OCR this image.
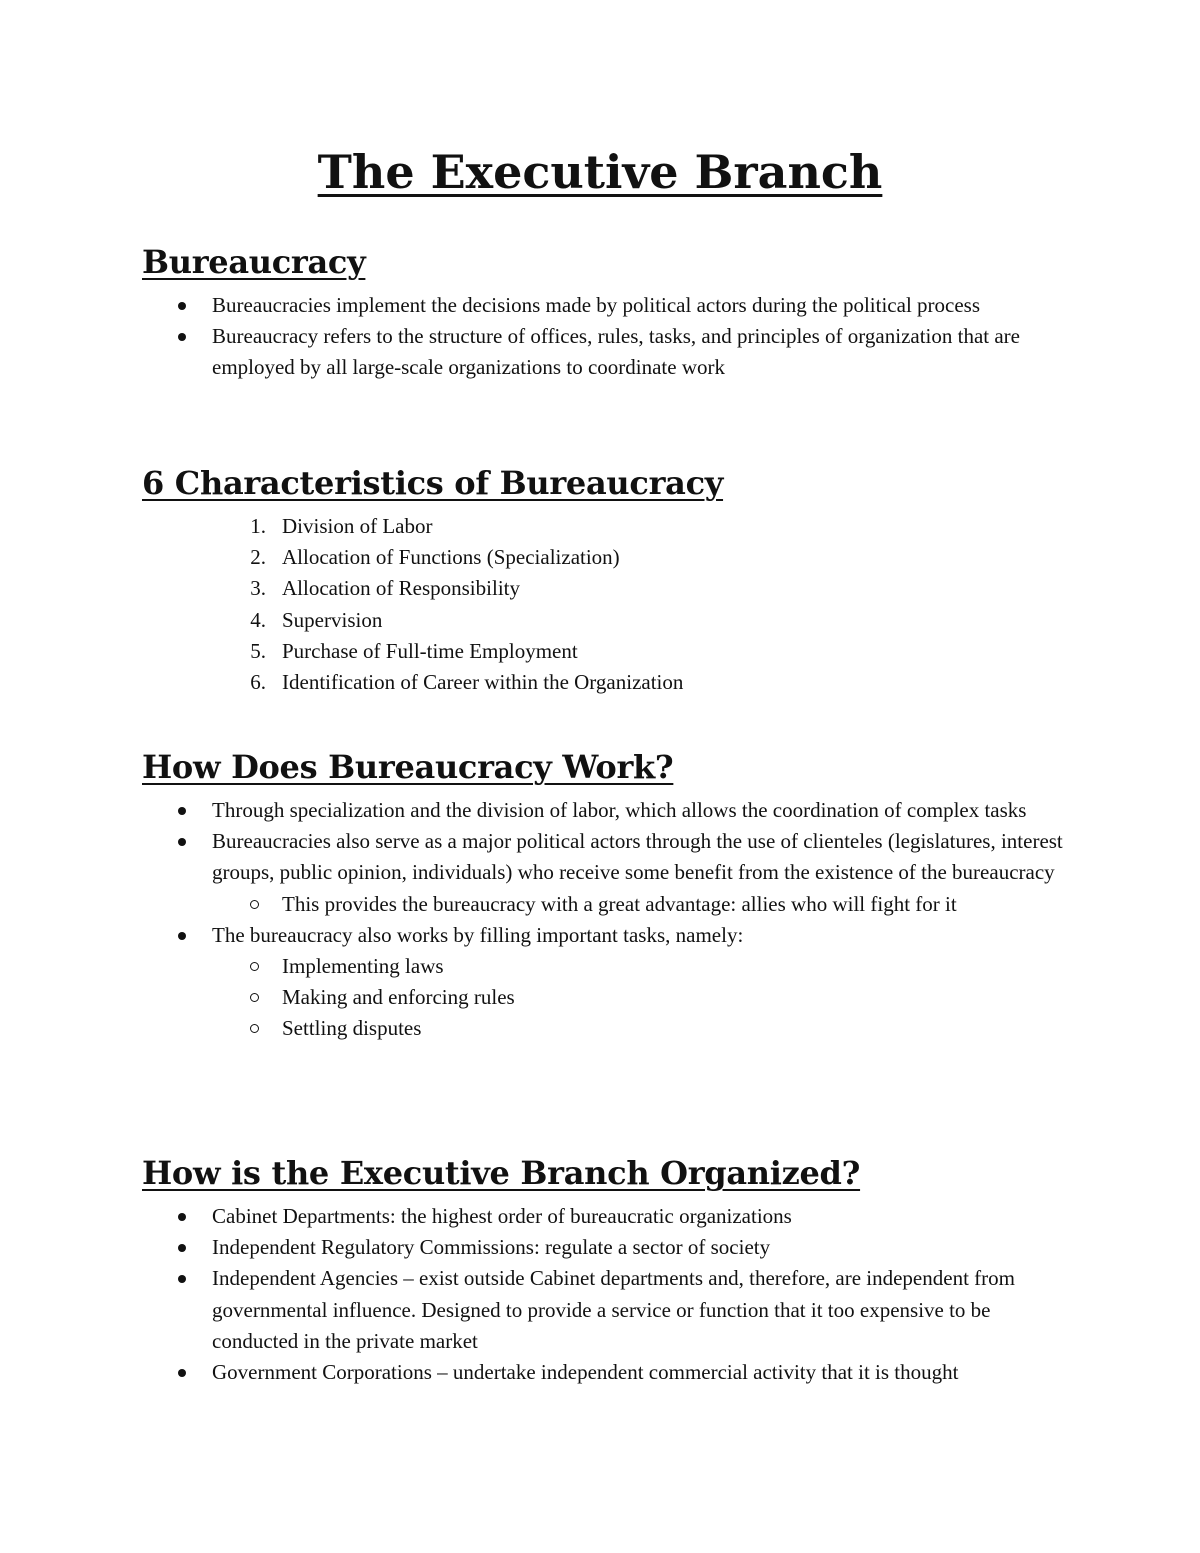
The Executive Branch
Bureaucracy
Bureaucracies implement the decisions made by political actors during the political process
Bureaucracy refers to the structure of offices, rules, tasks, and principles of organization that are employed by all large-scale organizations to coordinate work
6 Characteristics of Bureaucracy
1. Division of Labor
2. Allocation of Functions (Specialization)
3. Allocation of Responsibility
4. Supervision
5. Purchase of Full-time Employment
6. Identification of Career within the Organization
How Does Bureaucracy Work?
Through specialization and the division of labor, which allows the coordination of complex tasks
Bureaucracies also serve as a major political actors through the use of clienteles (legislatures, interest groups, public opinion, individuals) who receive some benefit from the existence of the bureaucracy
This provides the bureaucracy with a great advantage: allies who will fight for it
The bureaucracy also works by filling important tasks, namely:
Implementing laws
Making and enforcing rules
Settling disputes
How is the Executive Branch Organized?
Cabinet Departments: the highest order of bureaucratic organizations
Independent Regulatory Commissions: regulate a sector of society
Independent Agencies – exist outside Cabinet departments and, therefore, are independent from governmental influence. Designed to provide a service or function that it too expensive to be conducted in the private market
Government Corporations – undertake independent commercial activity that it is thought
